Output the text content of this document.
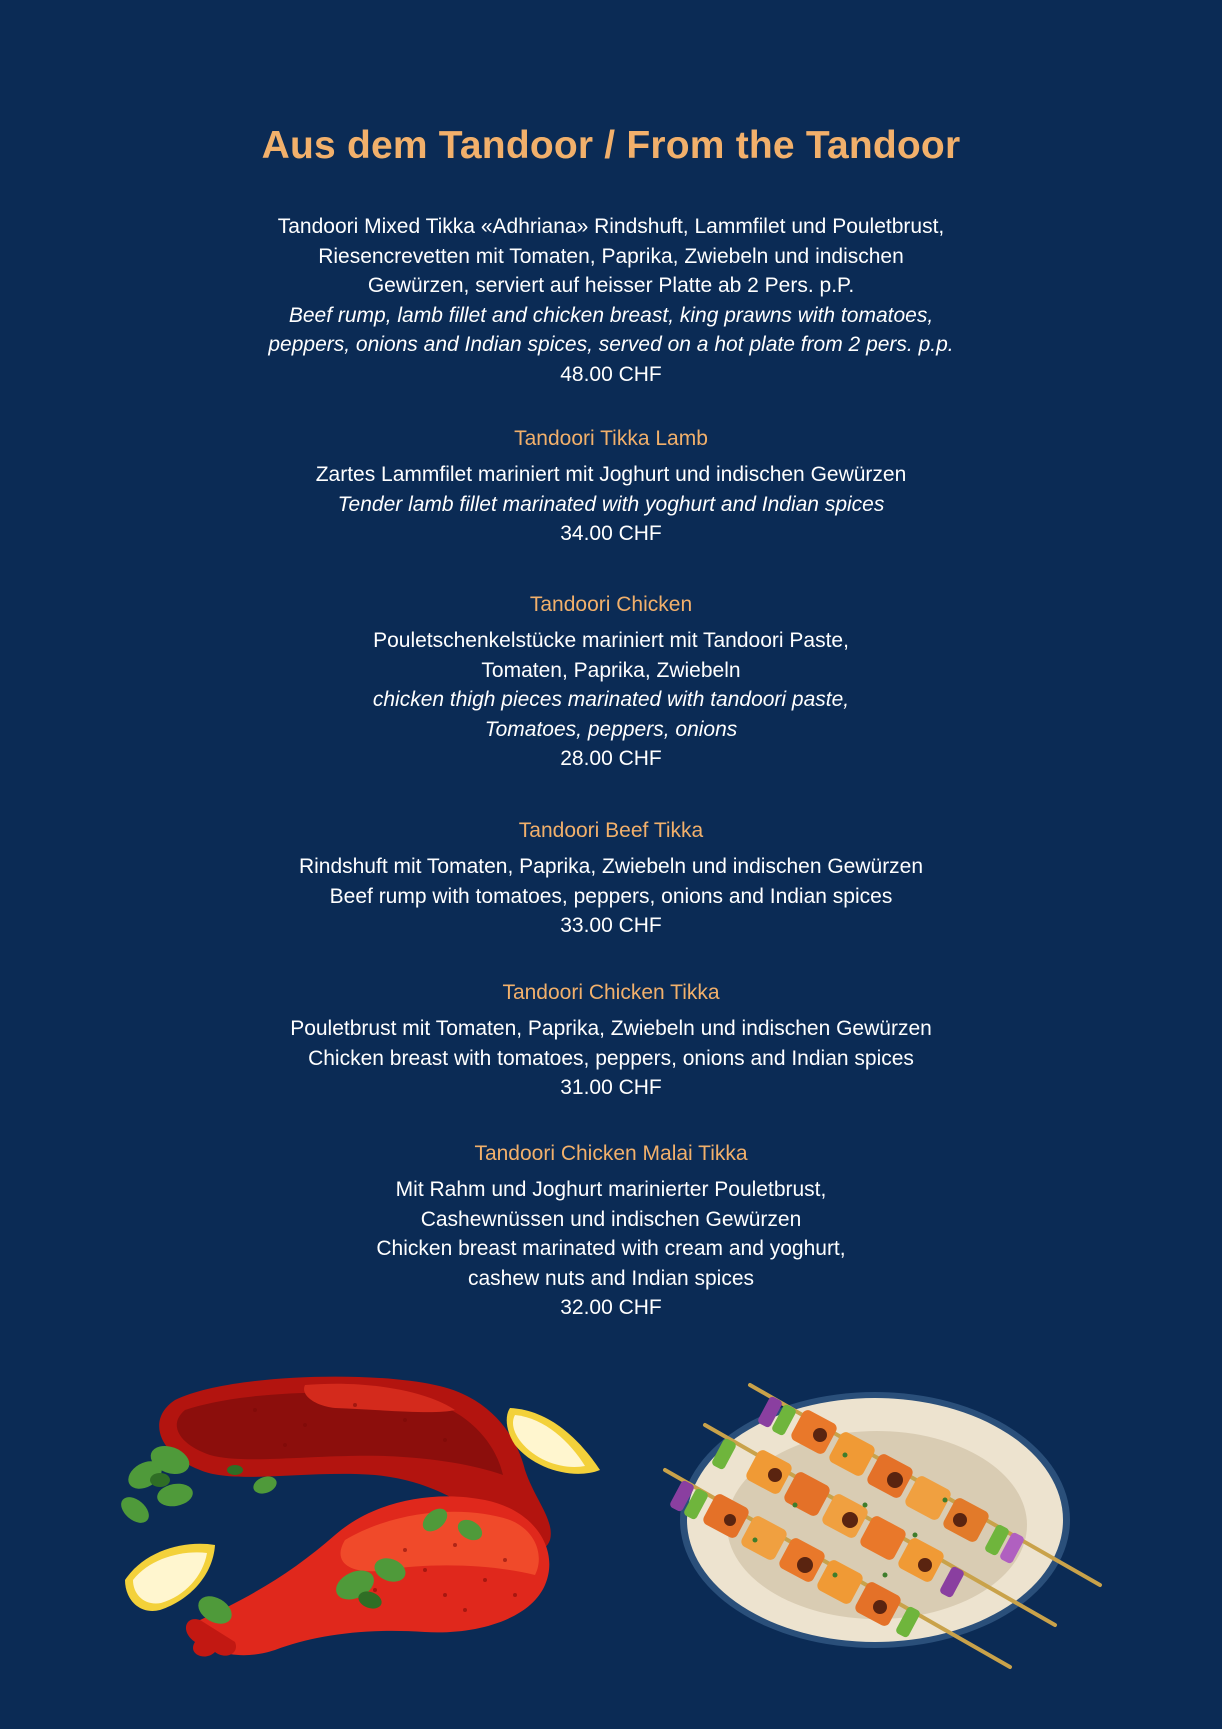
Aus dem Tandoor / From the Tandoor
Tandoori Mixed Tikka «Adhriana» Rindshuft, Lammfilet und Pouletbrust,
Riesencrevetten mit Tomaten, Paprika, Zwiebeln und indischen
Gewürzen, serviert auf heisser Platte ab 2 Pers. p.P.
Beef rump, lamb fillet and chicken breast, king prawns with tomatoes,
peppers, onions and Indian spices, served on a hot plate from 2 pers. p.p.
48.00 CHF
Tandoori Tikka Lamb
Zartes Lammfilet mariniert mit Joghurt und indischen Gewürzen
Tender lamb fillet marinated with yoghurt and Indian spices
34.00 CHF
Tandoori Chicken
Pouletschenkelstücke mariniert mit Tandoori Paste,
Tomaten, Paprika, Zwiebeln
chicken thigh pieces marinated with tandoori paste,
Tomatoes, peppers, onions
28.00 CHF
Tandoori Beef Tikka
Rindshuft mit Tomaten, Paprika, Zwiebeln und indischen Gewürzen
Beef rump with tomatoes, peppers, onions and Indian spices
33.00 CHF
Tandoori Chicken Tikka
Pouletbrust mit Tomaten, Paprika, Zwiebeln und indischen Gewürzen
Chicken breast with tomatoes, peppers, onions and Indian spices
31.00 CHF
Tandoori Chicken Malai Tikka
Mit Rahm und Joghurt marinierter Pouletbrust,
Cashewnüssen und indischen Gewürzen
Chicken breast marinated with cream and yoghurt,
cashew nuts and Indian spices
32.00 CHF
